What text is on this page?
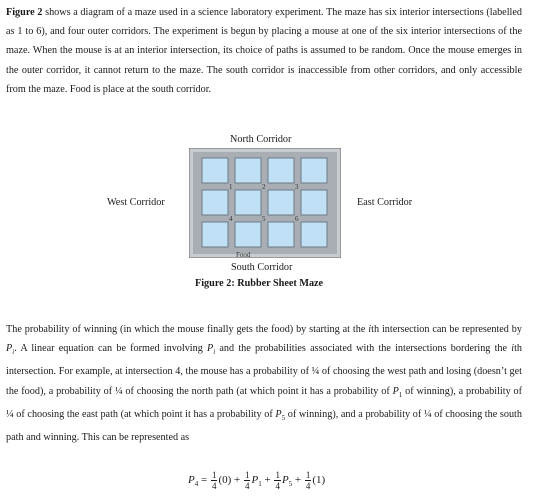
Figure 2 shows a diagram of a maze used in a science laboratory experiment. The maze has six interior intersections (labelled as 1 to 6), and four outer corridors. The experiment is begun by placing a mouse at one of the six interior intersections of the maze. When the mouse is at an interior intersection, its choice of paths is assumed to be random. Once the mouse emerges in the outer corridor, it cannot return to the maze. The south corridor is inaccessible from other corridors, and only accessible from the maze. Food is place at the south corridor.

North Corridor
West Corridor	East Corridor
South Corridor
1	2	3
4	5	6
Food
Figure 2: Rubber Sheet Maze

The probability of winning (in which the mouse finally gets the food) by starting at the ith intersection can be represented by $P_i$. A linear equation can be formed involving $P_i$ and the probabilities associated with the intersections bordering the ith intersection. For example, at intersection 4, the mouse has a probability of ¼ of choosing the west path and losing (doesn’t get the food), a probability of ¼ of choosing the north path (at which point it has a probability of $P_1$ of winning), a probability of ¼ of choosing the east path (at which point it has a probability of $P_5$ of winning), and a probability of ¼ of choosing the south path and winning. This can be represented as

$P_4 = \frac{1}{4} (0) + \frac{1}{4} P_1 + \frac{1}{4} P_5 + \frac{1}{4} (1)$
